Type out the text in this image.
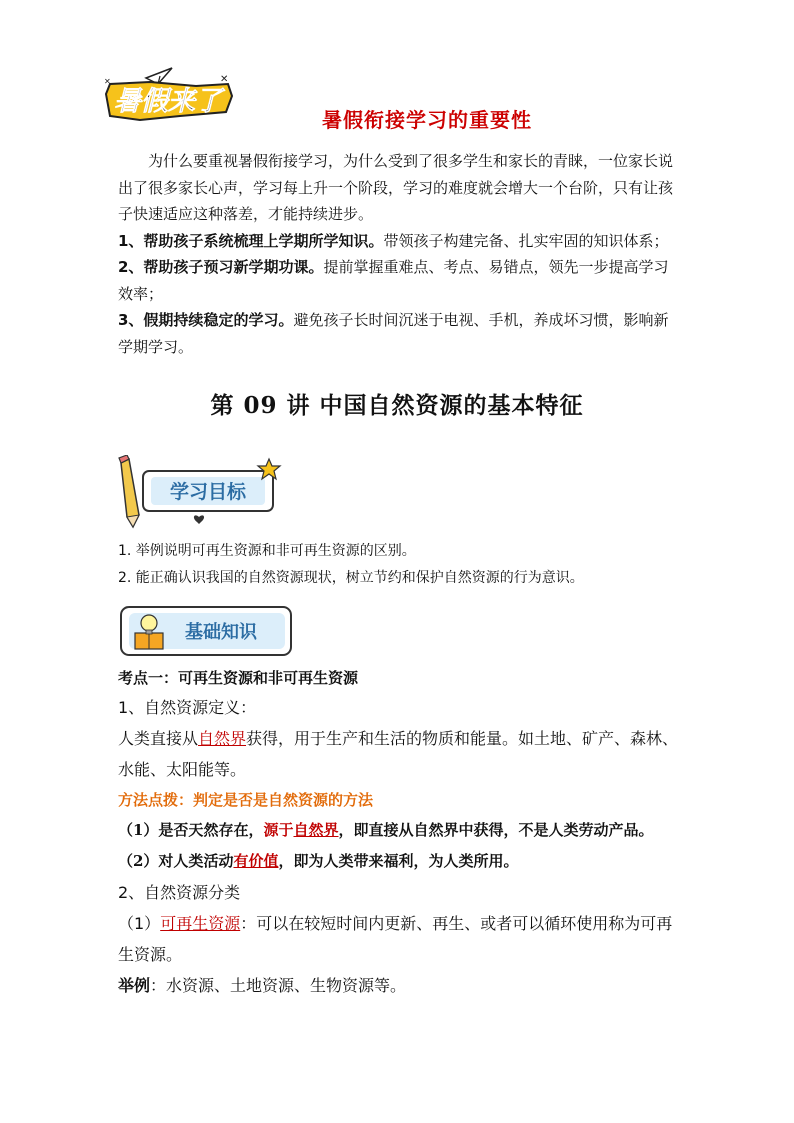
暑假来了
✕
✕
暑假衔接学习的重要性

为什么要重视暑假衔接学习，为什么受到了很多学生和家长的青睐，一位家长说出了很多家长心声，学习每上升一个阶段，学习的难度就会增大一个台阶，只有让孩子快速适应这种落差，才能持续进步。

1、帮助孩子系统梳理上学期所学知识。带领孩子构建完备、扎实牢固的知识体系；

2、帮助孩子预习新学期功课。提前掌握重难点、考点、易错点，领先一步提高学习效率；

3、假期持续稳定的学习。避免孩子长时间沉迷于电视、手机，养成坏习惯，影响新学期学习。

第 09 讲 中国自然资源的基本特征
学习目标

1. 举例说明可再生资源和非可再生资源的区别。

2. 能正确认识我国的自然资源现状，树立节约和保护自然资源的行为意识。

基础知识

考点一：可再生资源和非可再生资源

1、自然资源定义：

人类直接从自然界获得，用于生产和生活的物质和能量。如土地、矿产、森林、水能、太阳能等。

方法点拨：判定是否是自然资源的方法

（1）是否天然存在，源于自然界，即直接从自然界中获得，不是人类劳动产品。

（2）对人类活动有价值，即为人类带来福利，为人类所用。

2、自然资源分类

（1）可再生资源：可以在较短时间内更新、再生、或者可以循环使用称为可再生资源。

举例：水资源、土地资源、生物资源等。
